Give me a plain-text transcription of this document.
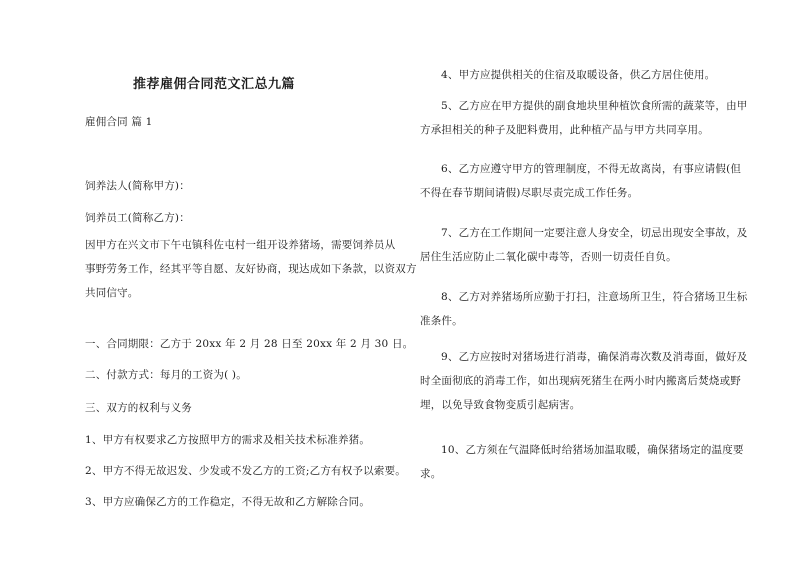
推荐雇佣合同范文汇总九篇
雇佣合同 篇 1
饲养法人(简称甲方)：
饲养员工(简称乙方)：
因甲方在兴文市下午屯镇科佐屯村一组开设养猪场，需要饲养员从
事野劳务工作，经其平等自愿、友好协商，现达成如下条款，以资双方
共同信守。
一、合同期限：乙方于 20xx 年 2 月 28 日至 20xx 年 2 月 30 日。
二、付款方式：每月的工资为( )。
三、双方的权利与义务
1、甲方有权要求乙方按照甲方的需求及相关技术标准养猪。
2、甲方不得无故迟发、少发或不发乙方的工资;乙方有权予以索要。
3、甲方应确保乙方的工作稳定，不得无故和乙方解除合同。
4、甲方应提供相关的住宿及取暖设备，供乙方居住使用。
5、乙方应在甲方提供的副食地块里种植饮食所需的蔬菜等，由甲
方承担相关的种子及肥料费用，此种植产品与甲方共同享用。
6、乙方应遵守甲方的管理制度，不得无故离岗，有事应请假(但
不得在春节期间请假)尽职尽责完成工作任务。
7、乙方在工作期间一定要注意人身安全，切忌出现安全事故，及
居住生活应防止二氧化碳中毒等，否则一切责任自负。
8、乙方对养猪场所应勤于打扫，注意场所卫生，符合猪场卫生标
准条件。
9、乙方应按时对猪场进行消毒，确保消毒次数及消毒面，做好及
时全面彻底的消毒工作，如出现病死猪生在两小时内搬离后焚烧或野
埋，以免导致食物变质引起病害。
10、乙方须在气温降低时给猪场加温取暖，确保猪场定的温度要
求。
